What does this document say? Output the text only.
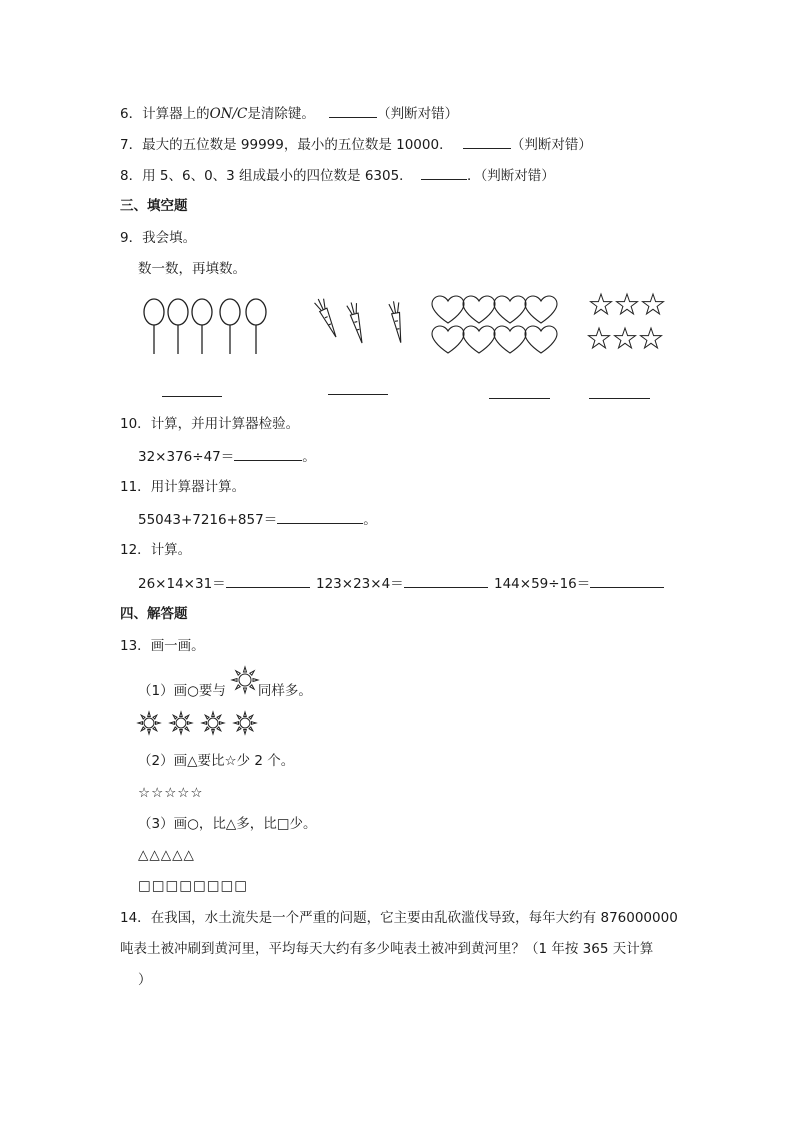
6．计算器上的ON/C是清除键。	（判断对错）
7．最大的五位数是 99999，最小的五位数是 10000．	（判断对错）
8．用 5、6、0、3 组成最小的四位数是 6305．	．（判断对错）
三、填空题
9．我会填。
数一数，再填数。
10．计算，并用计算器检验。
32×376÷47＝	。
11．用计算器计算。
55043+7216+857＝	。
12．计算。
26×14×31＝	123×23×4＝	144×59÷16＝
四、解答题
13．画一画。
（1）画○要与 同样多。
（2）画△要比☆少 2 个。
☆☆☆☆☆
（3）画○，比△多，比□少。
△△△△△
□□□□□□□□
14．在我国，水土流失是一个严重的问题，它主要由乱砍滥伐导致，每年大约有 876000000
吨表土被冲刷到黄河里，平均每天大约有多少吨表土被冲到黄河里？（1 年按 365 天计算
）
